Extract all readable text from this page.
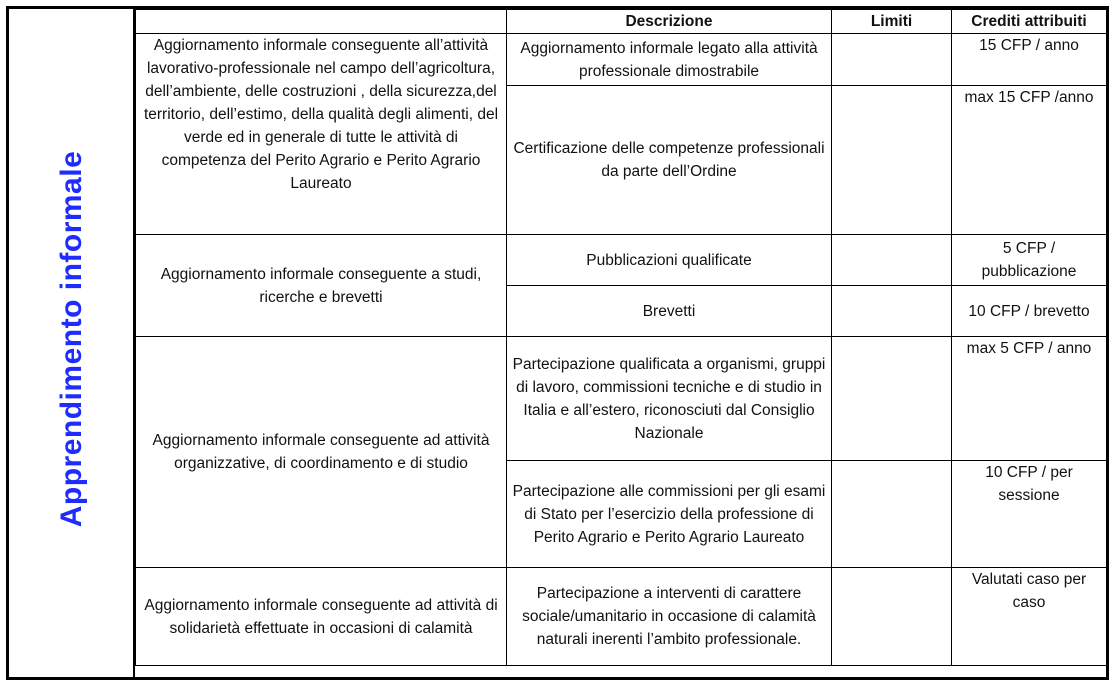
Apprendimento informale
	Descrizione	Limiti	Crediti attribuiti
Aggiornamento informale conseguente all’attività lavorativo-professionale nel campo dell’agricoltura, dell’ambiente, delle costruzioni , della sicurezza,del territorio, dell’estimo, della qualità degli alimenti, del verde ed in generale di tutte le attività di competenza del Perito Agrario e Perito Agrario Laureato	Aggiornamento informale legato alla attività professionale dimostrabile		15 CFP / anno
	Certificazione delle competenze professionali da parte dell’Ordine		max 15 CFP /anno
Aggiornamento informale conseguente a studi, ricerche e brevetti	Pubblicazioni qualificate		5 CFP / pubblicazione
	Brevetti		10 CFP / brevetto
Aggiornamento informale conseguente ad attività organizzative, di coordinamento e di studio	Partecipazione qualificata a organismi, gruppi di lavoro, commissioni tecniche e di studio in Italia e all’estero, riconosciuti dal Consiglio Nazionale		max 5 CFP / anno
	Partecipazione alle commissioni per gli esami di Stato per l’esercizio della professione di Perito Agrario e Perito Agrario Laureato		10 CFP / per sessione
Aggiornamento informale conseguente ad attività di solidarietà effettuate in occasioni di calamità	Partecipazione a interventi di carattere sociale/umanitario in occasione di calamità naturali inerenti l’ambito professionale.		Valutati caso per caso
